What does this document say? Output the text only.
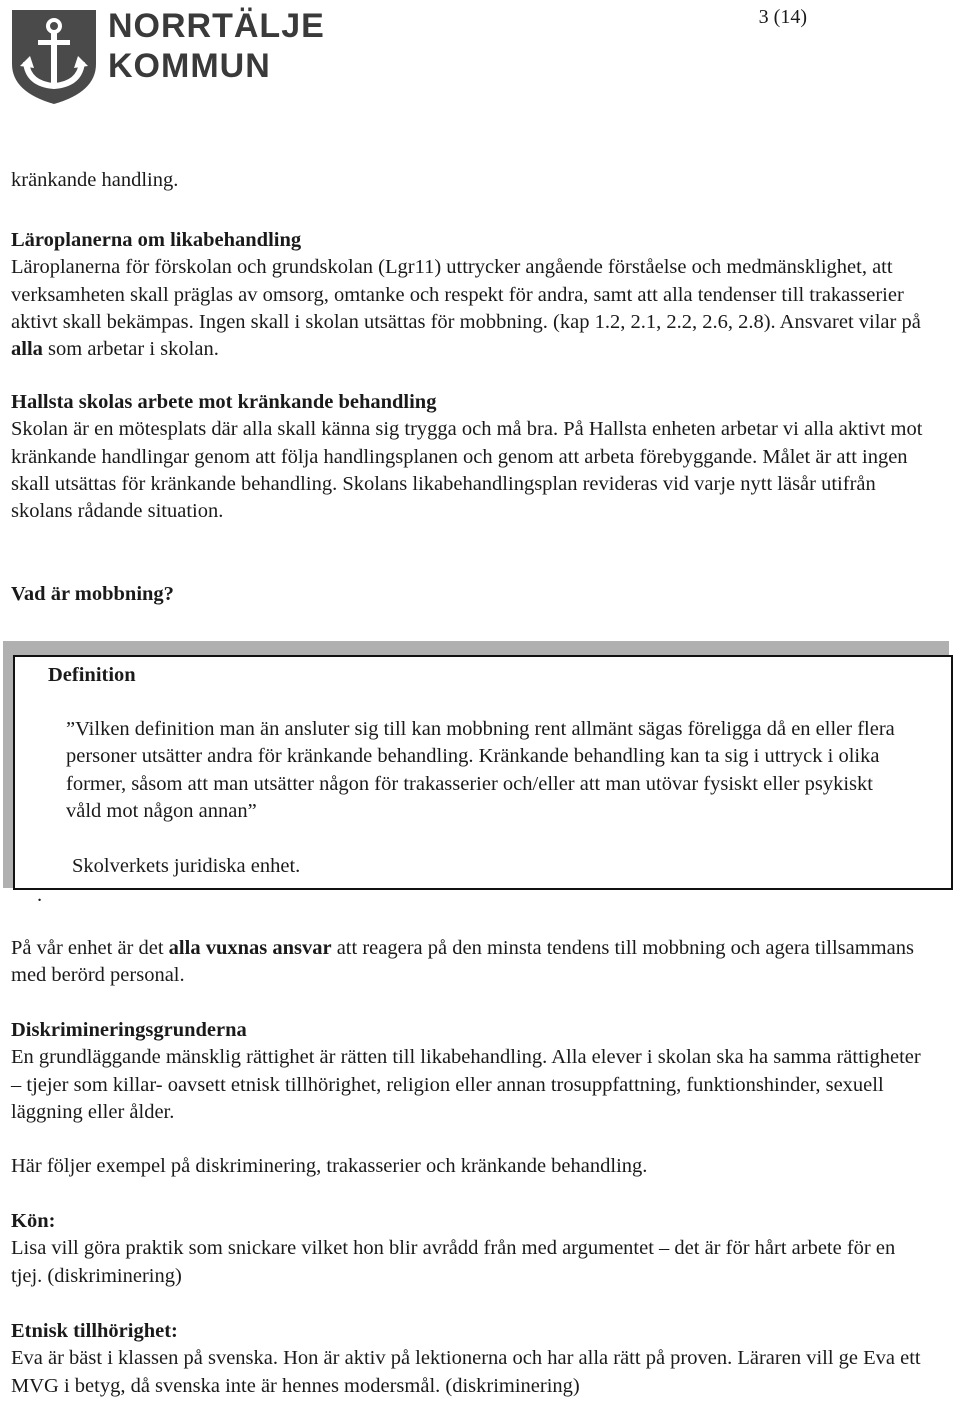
NORRTÄLJE
KOMMUN
3 (14)

kränkande handling.

Läroplanerna om likabehandling

Läroplanerna för förskolan och grundskolan (Lgr11) uttrycker angående förståelse och medmänsklighet, att verksamheten skall präglas av omsorg, omtanke och respekt för andra, samt att alla tendenser till trakasserier aktivt skall bekämpas. Ingen skall i skolan utsättas för mobbning. (kap 1.2, 2.1, 2.2, 2.6, 2.8). Ansvaret vilar på alla som arbetar i skolan.

Hallsta skolas arbete mot kränkande behandling

Skolan är en mötesplats där alla skall känna sig trygga och må bra. På Hallsta enheten arbetar vi alla aktivt mot kränkande handlingar genom att följa handlingsplanen och genom att arbeta förebyggande. Målet är att ingen skall utsättas för kränkande behandling. Skolans likabehandlingsplan revideras vid varje nytt läsår utifrån skolans rådande situation.

Vad är mobbning?

Definition
”Vilken definition man än ansluter sig till kan mobbning rent allmänt sägas föreligga då en eller flera personer utsätter andra för kränkande behandling. Kränkande behandling kan ta sig i uttryck i olika former, såsom att man utsätter någon för trakasserier och/eller att man utövar fysiskt eller psykiskt våld mot någon annan”
Skolverkets juridiska enhet.
.

På vår enhet är det alla vuxnas ansvar att reagera på den minsta tendens till mobbning och agera tillsammans med berörd personal.

Diskrimineringsgrunderna

En grundläggande mänsklig rättighet är rätten till likabehandling. Alla elever i skolan ska ha samma rättigheter – tjejer som killar- oavsett etnisk tillhörighet, religion eller annan trosuppfattning, funktionshinder, sexuell läggning eller ålder.

Här följer exempel på diskriminering, trakasserier och kränkande behandling.

Kön:

Lisa vill göra praktik som snickare vilket hon blir avrådd från med argumentet – det är för hårt arbete för en tjej. (diskriminering)

Etnisk tillhörighet:

Eva är bäst i klassen på svenska. Hon är aktiv på lektionerna och har alla rätt på proven. Läraren vill ge Eva ett MVG i betyg, då svenska inte är hennes modersmål. (diskriminering)
